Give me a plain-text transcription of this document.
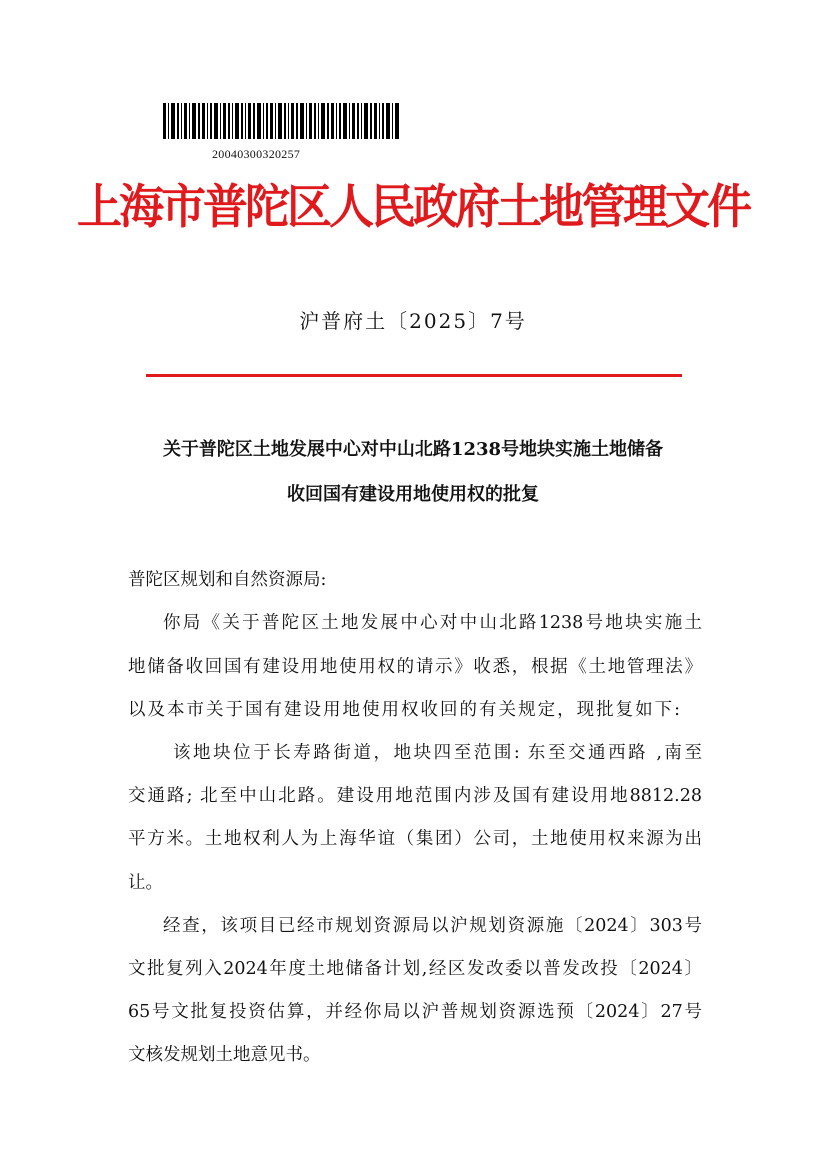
20040300320257
上海市普陀区人民政府土地管理文件
沪普府土〔2025〕7号
关于普陀区土地发展中心对中山北路1238号地块实施土地储备
收回国有建设用地使用权的批复
普陀区规划和自然资源局:
你局《关于普陀区土地发展中心对中山北路1238号地块实施土
地储备收回国有建设用地使用权的请示》收悉，根据《土地管理法》
以及本市关于国有建设用地使用权收回的有关规定，现批复如下:
该地块位于长寿路街道，地块四至范围: 东至交通西路 ,南至
交通路; 北至中山北路。建设用地范围内涉及国有建设用地8812.28
平方米。土地权利人为上海华谊（集团）公司，土地使用权来源为出
让。
经查，该项目已经市规划资源局以沪规划资源施〔2024〕303号
文批复列入2024年度土地储备计划,经区发改委以普发改投〔2024〕
65号文批复投资估算，并经你局以沪普规划资源选预〔2024〕27号
文核发规划土地意见书。
